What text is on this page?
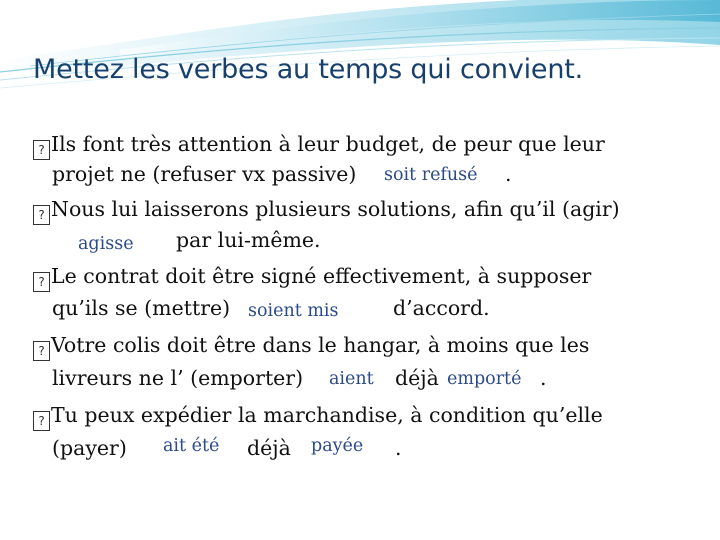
Mettez les verbes au temps qui convient.
? Ils font très attention à leur budget, de peur que leur
projet ne (refuser vx passive) soit refusé .
? Nous lui laisserons plusieurs solutions, afin qu’il (agir)
agisse par lui-même.
? Le contrat doit être signé effectivement, à supposer
qu’ils se (mettre) soient mis	d’accord.
? Votre colis doit être dans le hangar, à moins que les
livreurs ne l’ (emporter) aient déjà emporté .
? Tu peux expédier la marchandise, à condition qu’elle
(payer) ait été déjà payée .
